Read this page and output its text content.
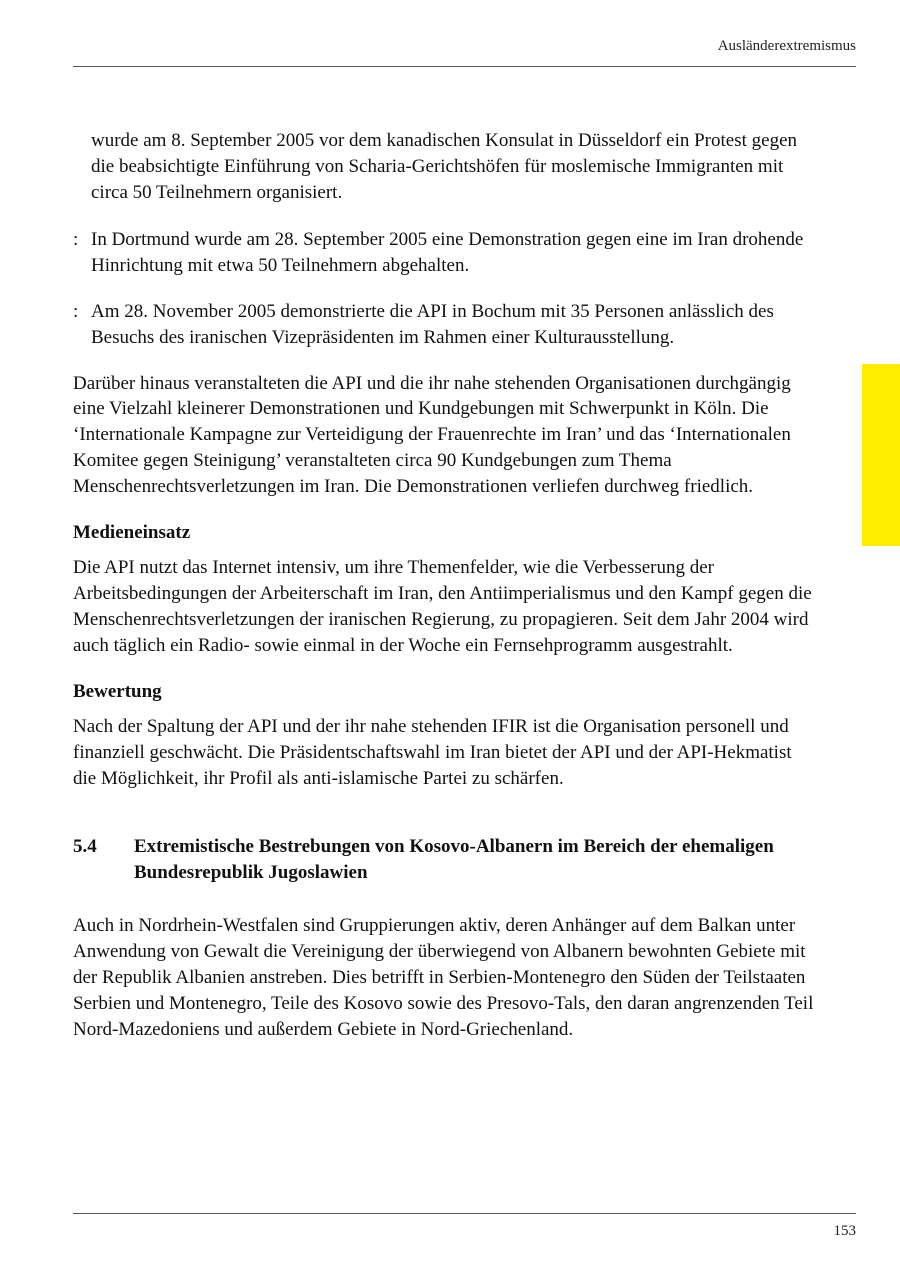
Ausländerextremismus

wurde am 8. September 2005 vor dem kanadischen Konsulat in Düsseldorf ein Protest gegen die beabsichtigte Einführung von Scharia-Gerichtshöfen für moslemische Immigranten mit circa 50 Teilnehmern organisiert.

: In Dortmund wurde am 28. September 2005 eine Demonstration gegen eine im Iran drohende Hinrichtung mit etwa 50 Teilnehmern abgehalten.
: Am 28. November 2005 demonstrierte die API in Bochum mit 35 Personen anlässlich des Besuchs des iranischen Vizepräsidenten im Rahmen einer Kulturausstellung.

Darüber hinaus veranstalteten die API und die ihr nahe stehenden Organisationen durchgängig eine Vielzahl kleinerer Demonstrationen und Kundgebungen mit Schwerpunkt in Köln. Die ‘Internationale Kampagne zur Verteidigung der Frauenrechte im Iran’ und das ‘Internationalen Komitee gegen Steinigung’ veranstalteten circa 90 Kundgebungen zum Thema Menschenrechtsverletzungen im Iran. Die Demonstrationen verliefen durchweg friedlich.

Medieneinsatz

Die API nutzt das Internet intensiv, um ihre Themenfelder, wie die Verbesserung der Arbeitsbedingungen der Arbeiterschaft im Iran, den Antiimperialismus und den Kampf gegen die Menschenrechtsverletzungen der iranischen Regierung, zu propagieren. Seit dem Jahr 2004 wird auch täglich ein Radio- sowie einmal in der Woche ein Fernsehprogramm ausgestrahlt.

Bewertung

Nach der Spaltung der API und der ihr nahe stehenden IFIR ist die Organisation personell und finanziell geschwächt. Die Präsidentschaftswahl im Iran bietet der API und der API-Hekmatist die Möglichkeit, ihr Profil als anti-islamische Partei zu schärfen.

5.4	Extremistische Bestrebungen von Kosovo-Albanern im Bereich der ehemaligen Bundesrepublik Jugoslawien

Auch in Nordrhein-Westfalen sind Gruppierungen aktiv, deren Anhänger auf dem Balkan unter Anwendung von Gewalt die Vereinigung der überwiegend von Albanern bewohnten Gebiete mit der Republik Albanien anstreben. Dies betrifft in Serbien-Montenegro den Süden der Teilstaaten Serbien und Montenegro, Teile des Kosovo sowie des Presovo-Tals, den daran angrenzenden Teil Nord-Mazedoniens und außerdem Gebiete in Nord-Griechenland.

153
